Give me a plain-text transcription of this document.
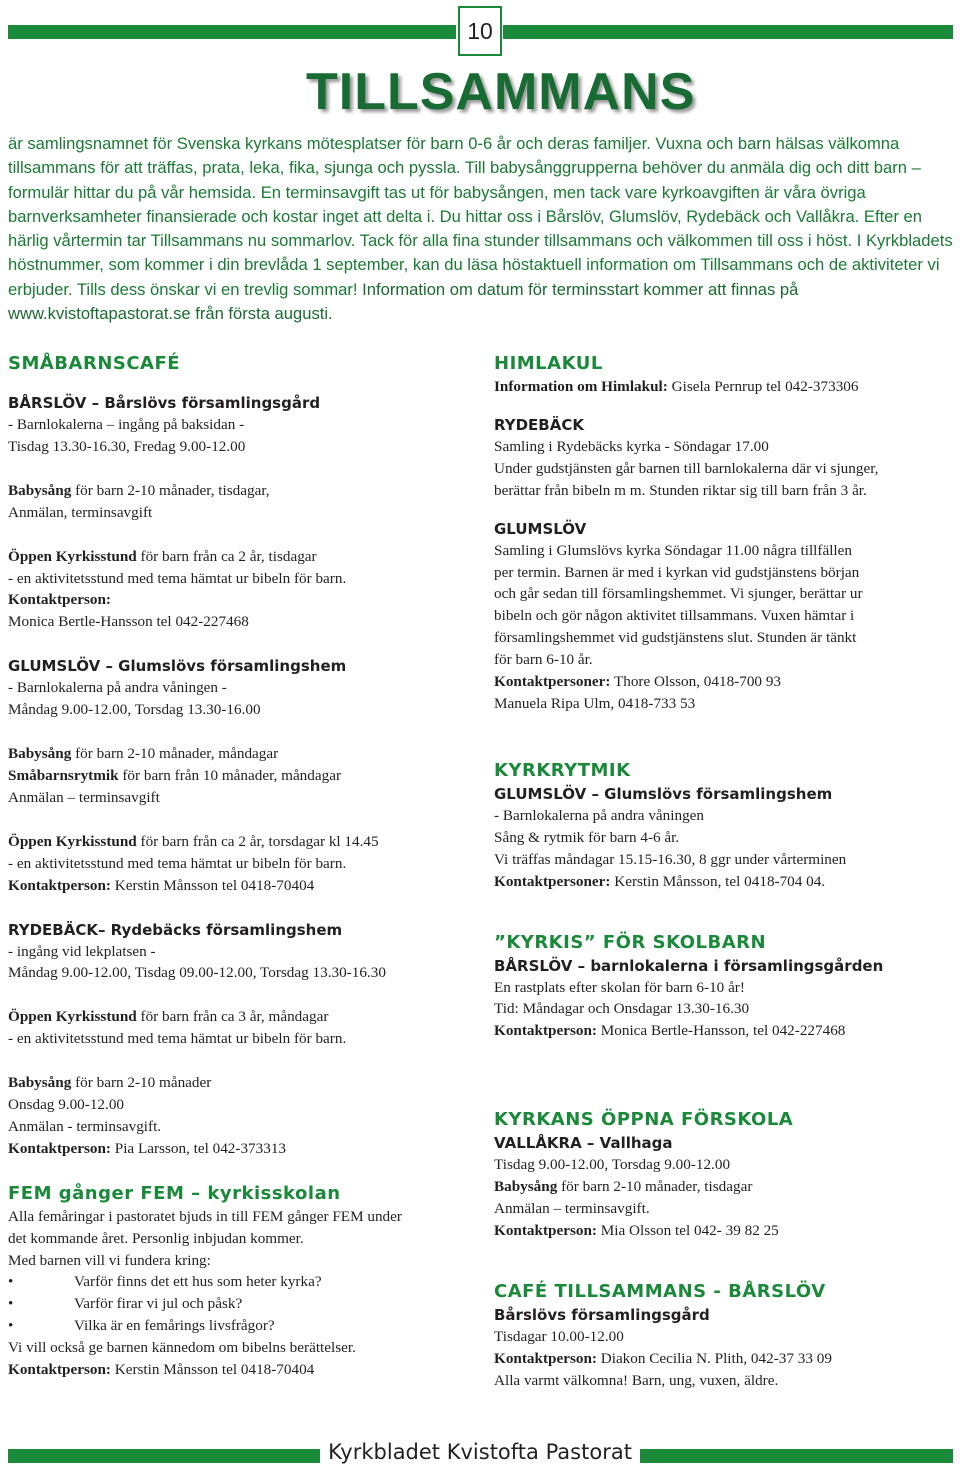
10
TILLSAMMANS
är samlingsnamnet för Svenska kyrkans mötesplatser för barn 0-6 år och deras familjer. Vuxna och barn hälsas välkomna tillsammans för att träffas, prata, leka, fika, sjunga och pyssla. Till babysånggrupperna behöver du anmäla dig och ditt barn – formulär hittar du på vår hemsida. En terminsavgift tas ut för babysången, men tack vare kyrkoavgiften är våra övriga barnverksamheter finansierade och kostar inget att delta i. Du hittar oss i Bårslöv, Glumslöv, Rydebäck och Vallåkra. Efter en härlig vårtermin tar Tillsammans nu sommarlov. Tack för alla fina stunder tillsammans och välkommen till oss i höst. I Kyrkbladets höstnummer, som kommer i din brevlåda 1 september, kan du läsa höstaktuell information om Tillsammans och de aktiviteter vi erbjuder. Tills dess önskar vi en trevlig sommar! Information om datum för terminsstart kommer att finnas på www.kvistoftapastorat.se från första augusti.
SMÅBARNSCAFÉ
BÅRSLÖV – Bårslövs församlingsgård
- Barnlokalerna – ingång på baksidan -
Tisdag 13.30-16.30, Fredag 9.00-12.00
Babysång för barn 2-10 månader, tisdagar,
Anmälan, terminsavgift
Öppen Kyrkisstund för barn från ca 2 år, tisdagar
- en aktivitetsstund med tema hämtat ur bibeln för barn.
Kontaktperson:
Monica Bertle-Hansson tel 042-227468
GLUMSLÖV – Glumslövs församlingshem
- Barnlokalerna på andra våningen -
Måndag 9.00-12.00, Torsdag 13.30-16.00
Babysång för barn 2-10 månader, måndagar
Småbarnsrytmik för barn från 10 månader, måndagar
Anmälan – terminsavgift
Öppen Kyrkisstund för barn från ca 2 år, torsdagar kl 14.45
- en aktivitetsstund med tema hämtat ur bibeln för barn.
Kontaktperson: Kerstin Månsson tel 0418-70404
RYDEBÄCK– Rydebäcks församlingshem
- ingång vid lekplatsen -
Måndag 9.00-12.00, Tisdag 09.00-12.00, Torsdag 13.30-16.30
Öppen Kyrkisstund för barn från ca 3 år, måndagar
- en aktivitetsstund med tema hämtat ur bibeln för barn.
Babysång för barn 2-10 månader
Onsdag 9.00-12.00
Anmälan - terminsavgift.
Kontaktperson: Pia Larsson, tel 042-373313
FEM gånger FEM – kyrkisskolan
Alla femåringar i pastoratet bjuds in till FEM gånger FEM under
det kommande året. Personlig inbjudan kommer.
Med barnen vill vi fundera kring:
• Varför finns det ett hus som heter kyrka?
• Varför firar vi jul och påsk?
• Vilka är en femårings livsfrågor?
Vi vill också ge barnen kännedom om bibelns berättelser.
Kontaktperson: Kerstin Månsson tel 0418-70404
HIMLAKUL
Information om Himlakul: Gisela Pernrup tel 042-373306
RYDEBÄCK
Samling i Rydebäcks kyrka - Söndagar 17.00
Under gudstjänsten går barnen till barnlokalerna där vi sjunger,
berättar från bibeln m m. Stunden riktar sig till barn från 3 år.
GLUMSLÖV
Samling i Glumslövs kyrka Söndagar 11.00 några tillfällen
per termin. Barnen är med i kyrkan vid gudstjänstens början
och går sedan till församlingshemmet. Vi sjunger, berättar ur
bibeln och gör någon aktivitet tillsammans. Vuxen hämtar i
församlingshemmet vid gudstjänstens slut. Stunden är tänkt
för barn 6-10 år.
Kontaktpersoner: Thore Olsson, 0418-700 93
Manuela Ripa Ulm, 0418-733 53
KYRKRYTMIK
GLUMSLÖV – Glumslövs församlingshem
- Barnlokalerna på andra våningen
Sång & rytmik för barn 4-6 år.
Vi träffas måndagar 15.15-16.30, 8 ggr under vårterminen
Kontaktpersoner: Kerstin Månsson, tel 0418-704 04.
”KYRKIS” FÖR SKOLBARN
BÅRSLÖV – barnlokalerna i församlingsgården
En rastplats efter skolan för barn 6-10 år!
Tid: Måndagar och Onsdagar 13.30-16.30
Kontaktperson: Monica Bertle-Hansson, tel 042-227468
KYRKANS ÖPPNA FÖRSKOLA
VALLÅKRA – Vallhaga
Tisdag 9.00-12.00, Torsdag 9.00-12.00
Babysång för barn 2-10 månader, tisdagar
Anmälan – terminsavgift.
Kontaktperson: Mia Olsson tel 042- 39 82 25
CAFÉ TILLSAMMANS - BÅRSLÖV
Bårslövs församlingsgård
Tisdagar 10.00-12.00
Kontaktperson: Diakon Cecilia N. Plith, 042-37 33 09
Alla varmt välkomna! Barn, ung, vuxen, äldre.
Kyrkbladet Kvistofta Pastorat
